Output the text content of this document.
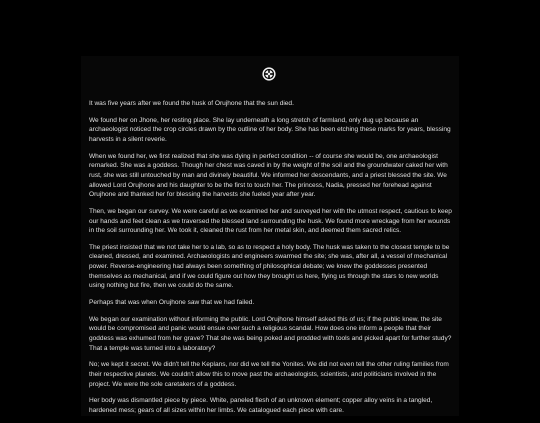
It was five years after we found the husk of Orujhone that the sun died.

We found her on Jhone, her resting place. She lay underneath a long stretch of farmland, only dug up because an archaeologist noticed the crop circles drawn by the outline of her body. She has been etching these marks for years, blessing harvests in a silent reverie.

When we found her, we first realized that she was dying in perfect condition -- of course she would be, one archaeologist remarked. She was a goddess. Though her chest was caved in by the weight of the soil and the groundwater caked her with rust, she was still untouched by man and divinely beautiful. We informed her descendants, and a priest blessed the site. We allowed Lord Orujhone and his daughter to be the first to touch her. The princess, Nadia, pressed her forehead against Orujhone and thanked her for blessing the harvests she fueled year after year.

Then, we began our survey. We were careful as we examined her and surveyed her with the utmost respect, cautious to keep our hands and feet clean as we traversed the blessed land surrounding the husk. We found more wreckage from her wounds in the soil surrounding her. We took it, cleaned the rust from her metal skin, and deemed them sacred relics.

The priest insisted that we not take her to a lab, so as to respect a holy body. The husk was taken to the closest temple to be cleaned, dressed, and examined. Archaeologists and engineers swarmed the site; she was, after all, a vessel of mechanical power. Reverse-engineering had always been something of philosophical debate; we knew the goddesses presented themselves as mechanical, and if we could figure out how they brought us here, flying us through the stars to new worlds using nothing but fire, then we could do the same.

Perhaps that was when Orujhone saw that we had failed.

We began our examination without informing the public. Lord Orujhone himself asked this of us; if the public knew, the site would be compromised and panic would ensue over such a religious scandal. How does one inform a people that their goddess was exhumed from her grave? That she was being poked and prodded with tools and picked apart for further study? That a temple was turned into a laboratory?

No; we kept it secret. We didn't tell the Keplans, nor did we tell the Yonites. We did not even tell the other ruling families from their respective planets. We couldn't allow this to move past the archaeologists, scientists, and politicians involved in the project. We were the sole caretakers of a goddess.

Her body was dismantled piece by piece. White, paneled flesh of an unknown element; copper alloy veins in a tangled, hardened mess; gears of all sizes within her limbs. We catalogued each piece with care.
